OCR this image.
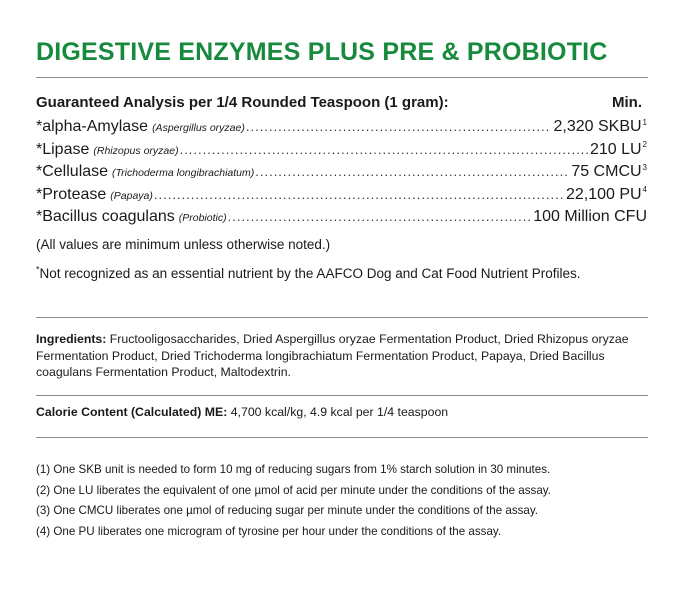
DIGESTIVE ENZYMES PLUS PRE & PROBIOTIC
Guaranteed Analysis per 1/4 Rounded Teaspoon (1 gram):	Min.
*alpha-Amylase (Aspergillus oryzae) .....	2,320 SKBU$^1$
*Lipase (Rhizopus oryzae) .....	210 LU$^2$
*Cellulase (Trichoderma longibrachiatum) .....	75 CMCU$^3$
*Protease (Papaya) .....	22,100 PU$^4$
*Bacillus coagulans (Probiotic) .....	100 Million CFU
(All values are minimum unless otherwise noted.)
*Not recognized as an essential nutrient by the AAFCO Dog and Cat Food Nutrient Profiles.
Ingredients: Fructooligosaccharides, Dried Aspergillus oryzae Fermentation Product, Dried Rhizopus oryzae Fermentation Product, Dried Trichoderma longibrachiatum Fermentation Product, Papaya, Dried Bacillus coagulans Fermentation Product, Maltodextrin.
Calorie Content (Calculated) ME: 4,700 kcal/kg, 4.9 kcal per 1/4 teaspoon
(1) One SKB unit is needed to form 10 mg of reducing sugars from 1% starch solution in 30 minutes.
(2) One LU liberates the equivalent of one µmol of acid per minute under the conditions of the assay.
(3) One CMCU liberates one µmol of reducing sugar per minute under the conditions of the assay.
(4) One PU liberates one microgram of tyrosine per hour under the conditions of the assay.
